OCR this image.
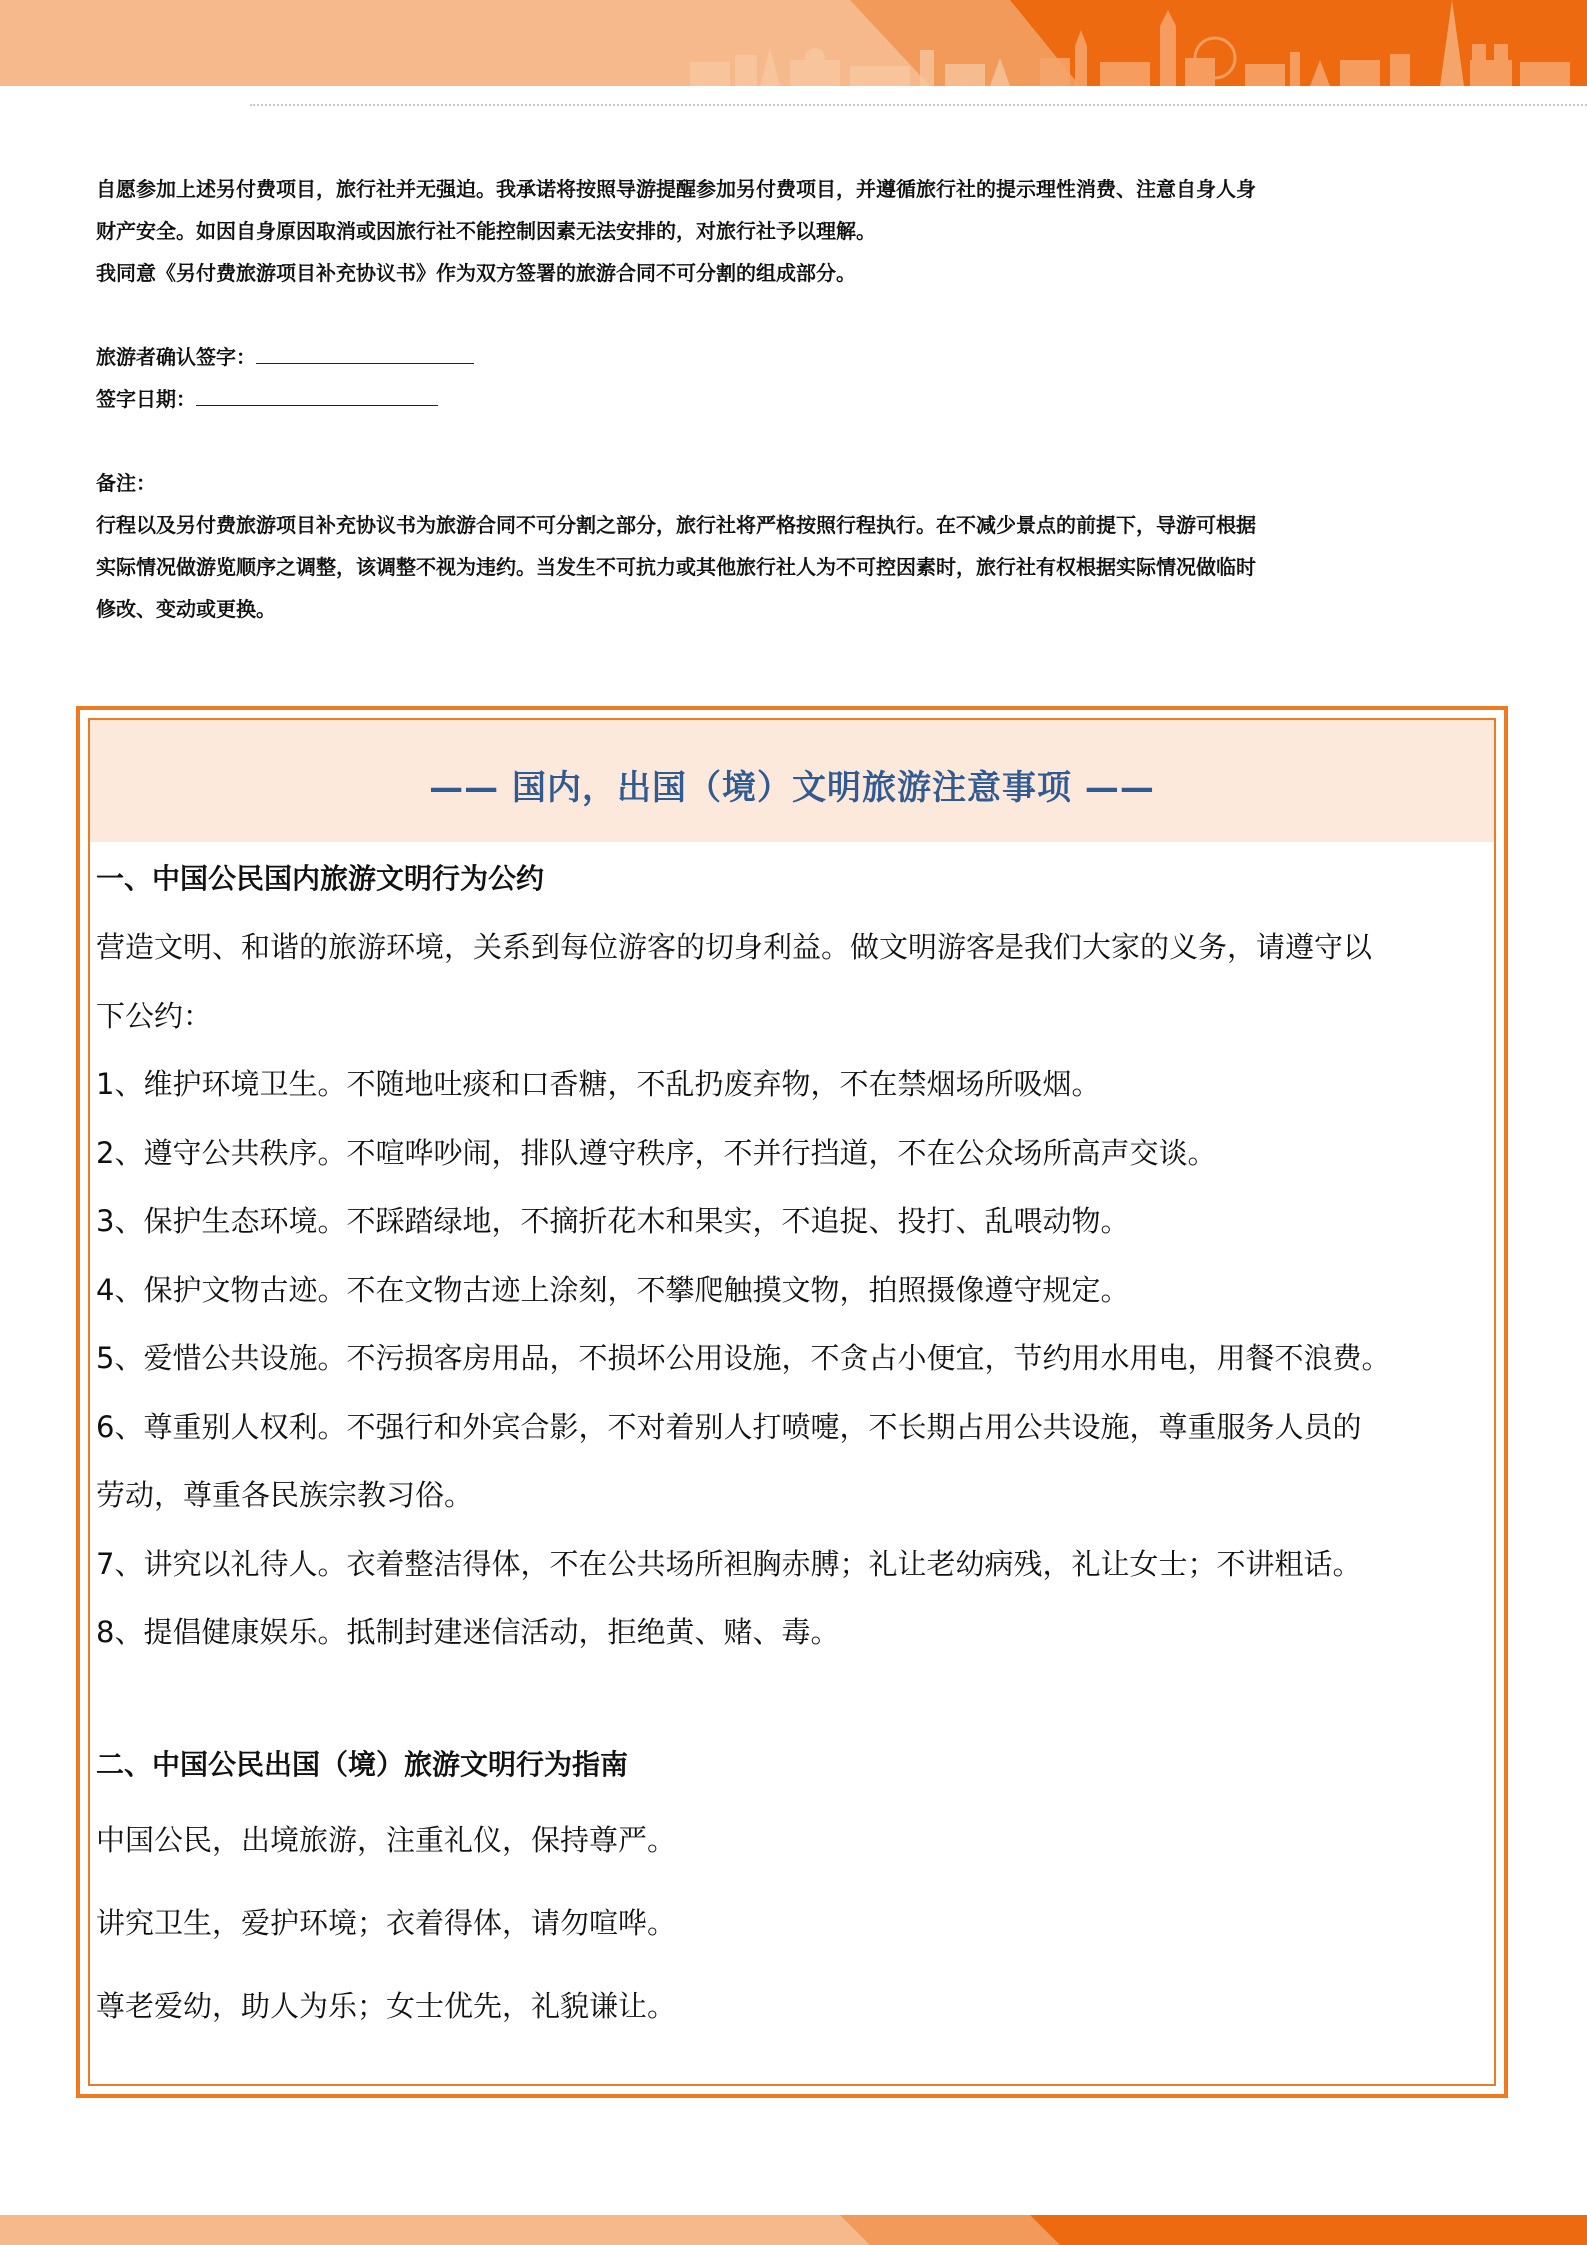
自愿参加上述另付费项目，旅行社并无强迫。我承诺将按照导游提醒参加另付费项目，并遵循旅行社的提示理性消费、注意自身人身

财产安全。如因自身原因取消或因旅行社不能控制因素无法安排的，对旅行社予以理解。

我同意《另付费旅游项目补充协议书》作为双方签署的旅游合同不可分割的组成部分。

旅游者确认签字：

签字日期：

备注：

行程以及另付费旅游项目补充协议书为旅游合同不可分割之部分，旅行社将严格按照行程执行。在不减少景点的前提下，导游可根据

实际情况做游览顺序之调整，该调整不视为违约。当发生不可抗力或其他旅行社人为不可控因素时，旅行社有权根据实际情况做临时

修改、变动或更换。

—— 国内，出国（境）文明旅游注意事项 ——

一、中国公民国内旅游文明行为公约

营造文明、和谐的旅游环境，关系到每位游客的切身利益。做文明游客是我们大家的义务，请遵守以

下公约：

1、维护环境卫生。不随地吐痰和口香糖，不乱扔废弃物，不在禁烟场所吸烟。

2、遵守公共秩序。不喧哗吵闹，排队遵守秩序，不并行挡道，不在公众场所高声交谈。

3、保护生态环境。不踩踏绿地，不摘折花木和果实，不追捉、投打、乱喂动物。

4、保护文物古迹。不在文物古迹上涂刻，不攀爬触摸文物，拍照摄像遵守规定。

5、爱惜公共设施。不污损客房用品，不损坏公用设施，不贪占小便宜，节约用水用电，用餐不浪费。

6、尊重别人权利。不强行和外宾合影，不对着别人打喷嚏，不长期占用公共设施，尊重服务人员的

劳动，尊重各民族宗教习俗。

7、讲究以礼待人。衣着整洁得体，不在公共场所袒胸赤膊；礼让老幼病残，礼让女士；不讲粗话。

8、提倡健康娱乐。抵制封建迷信活动，拒绝黄、赌、毒。

二、中国公民出国（境）旅游文明行为指南

中国公民，出境旅游，注重礼仪，保持尊严。

讲究卫生，爱护环境；衣着得体，请勿喧哗。

尊老爱幼，助人为乐；女士优先，礼貌谦让。
